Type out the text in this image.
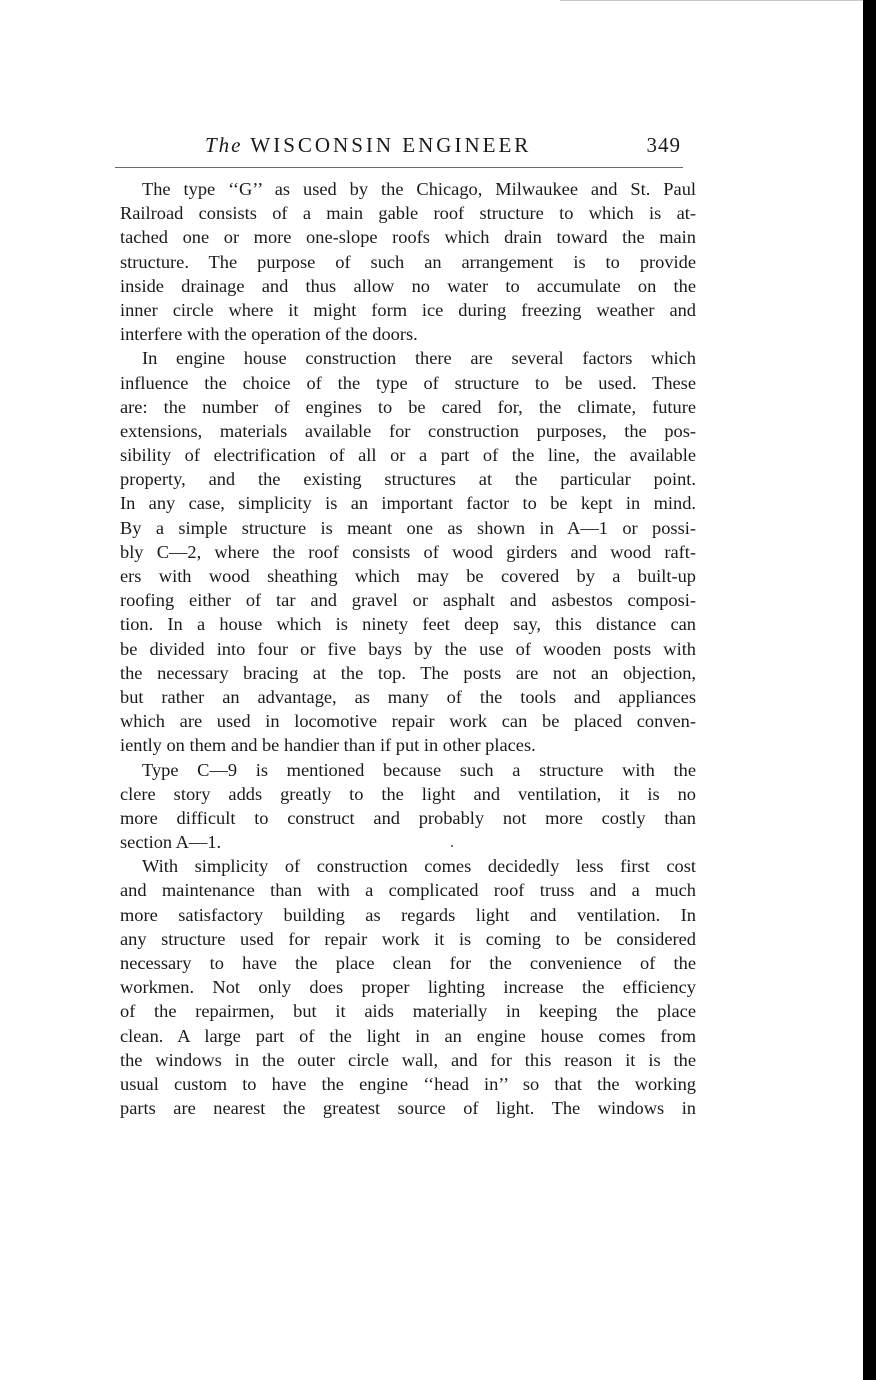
The WISCONSIN ENGINEER	349
The type ‘‘G’’ as used by the Chicago, Milwaukee and St. Paul
Railroad consists of a main gable roof structure to which is at-
tached one or more one-slope roofs which drain toward the main
structure. The purpose of such an arrangement is to provide
inside drainage and thus allow no water to accumulate on the
inner circle where it might form ice during freezing weather and
interfere with the operation of the doors.
In engine house construction there are several factors which
influence the choice of the type of structure to be used. These
are: the number of engines to be cared for, the climate, future
extensions, materials available for construction purposes, the pos-
sibility of electrification of all or a part of the line, the available
property, and the existing structures at the particular point.
In any case, simplicity is an important factor to be kept in mind.
By a simple structure is meant one as shown in A—1 or possi-
bly C—2, where the roof consists of wood girders and wood raft-
ers with wood sheathing which may be covered by a built-up
roofing either of tar and gravel or asphalt and asbestos composi-
tion. In a house which is ninety feet deep say, this distance can
be divided into four or five bays by the use of wooden posts with
the necessary bracing at the top. The posts are not an objection,
but rather an advantage, as many of the tools and appliances
which are used in locomotive repair work can be placed conven-
iently on them and be handier than if put in other places.
Type C—9 is mentioned because such a structure with the
clere story adds greatly to the light and ventilation, it is no
more difficult to construct and probably not more costly than
section A—1.
With simplicity of construction comes decidedly less first cost
and maintenance than with a complicated roof truss and a much
more satisfactory building as regards light and ventilation. In
any structure used for repair work it is coming to be considered
necessary to have the place clean for the convenience of the
workmen. Not only does proper lighting increase the efficiency
of the repairmen, but it aids materially in keeping the place
clean. A large part of the light in an engine house comes from
the windows in the outer circle wall, and for this reason it is the
usual custom to have the engine ‘‘head in’’ so that the working
parts are nearest the greatest source of light. The windows in
